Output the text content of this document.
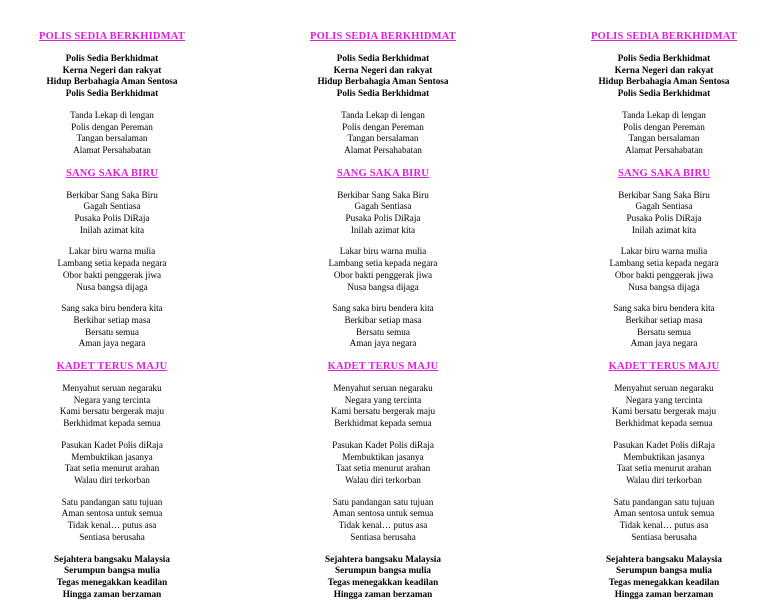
POLIS SEDIA BERKHIDMAT
Polis Sedia Berkhidmat
Kerna Negeri dan rakyat
Hidup Berbahagia Aman Sentosa
Polis Sedia Berkhidmat
Tanda Lekap di lengan
Polis dengan Pereman
Tangan bersalaman
Alamat Persahabatan
SANG SAKA BIRU
Berkibar Sang Saka Biru
Gagah Sentiasa
Pusaka Polis DiRaja
Inilah azimat kita
Lakar biru warna mulia
Lambang setia kepada negara
Obor bakti penggerak jiwa
Nusa bangsa dijaga
Sang saka biru bendera kita
Berkibar setiap masa
Bersatu semua
Aman jaya negara
KADET TERUS MAJU
Menyahut seruan negaraku
Negara yang tercinta
Kami bersatu bergerak maju
Berkhidmat kepada semua
Pasukan Kadet Polis diRaja
Membuktikan jasanya
Taat setia menurut arahan
Walau diri terkorban
Satu pandangan satu tujuan
Aman sentosa untuk semua
Tidak kenal… putus asa
Sentiasa berusaha
Sejahtera bangsaku Malaysia
Serumpun bangsa mulia
Tegas menegakkan keadilan
Hingga zaman berzaman
POLIS SEDIA BERKHIDMAT
Polis Sedia Berkhidmat
Kerna Negeri dan rakyat
Hidup Berbahagia Aman Sentosa
Polis Sedia Berkhidmat
Tanda Lekap di lengan
Polis dengan Pereman
Tangan bersalaman
Alamat Persahabatan
SANG SAKA BIRU
Berkibar Sang Saka Biru
Gagah Sentiasa
Pusaka Polis DiRaja
Inilah azimat kita
Lakar biru warna mulia
Lambang setia kepada negara
Obor bakti penggerak jiwa
Nusa bangsa dijaga
Sang saka biru bendera kita
Berkibar setiap masa
Bersatu semua
Aman jaya negara
KADET TERUS MAJU
Menyahut seruan negaraku
Negara yang tercinta
Kami bersatu bergerak maju
Berkhidmat kepada semua
Pasukan Kadet Polis diRaja
Membuktikan jasanya
Taat setia menurut arahan
Walau diri terkorban
Satu pandangan satu tujuan
Aman sentosa untuk semua
Tidak kenal… putus asa
Sentiasa berusaha
Sejahtera bangsaku Malaysia
Serumpun bangsa mulia
Tegas menegakkan keadilan
Hingga zaman berzaman
POLIS SEDIA BERKHIDMAT
Polis Sedia Berkhidmat
Kerna Negeri dan rakyat
Hidup Berbahagia Aman Sentosa
Polis Sedia Berkhidmat
Tanda Lekap di lengan
Polis dengan Pereman
Tangan bersalaman
Alamat Persahabatan
SANG SAKA BIRU
Berkibar Sang Saka Biru
Gagah Sentiasa
Pusaka Polis DiRaja
Inilah azimat kita
Lakar biru warna mulia
Lambang setia kepada negara
Obor bakti penggerak jiwa
Nusa bangsa dijaga
Sang saka biru bendera kita
Berkibar setiap masa
Bersatu semua
Aman jaya negara
KADET TERUS MAJU
Menyahut seruan negaraku
Negara yang tercinta
Kami bersatu bergerak maju
Berkhidmat kepada semua
Pasukan Kadet Polis diRaja
Membuktikan jasanya
Taat setia menurut arahan
Walau diri terkorban
Satu pandangan satu tujuan
Aman sentosa untuk semua
Tidak kenal… putus asa
Sentiasa berusaha
Sejahtera bangsaku Malaysia
Serumpun bangsa mulia
Tegas menegakkan keadilan
Hingga zaman berzaman
